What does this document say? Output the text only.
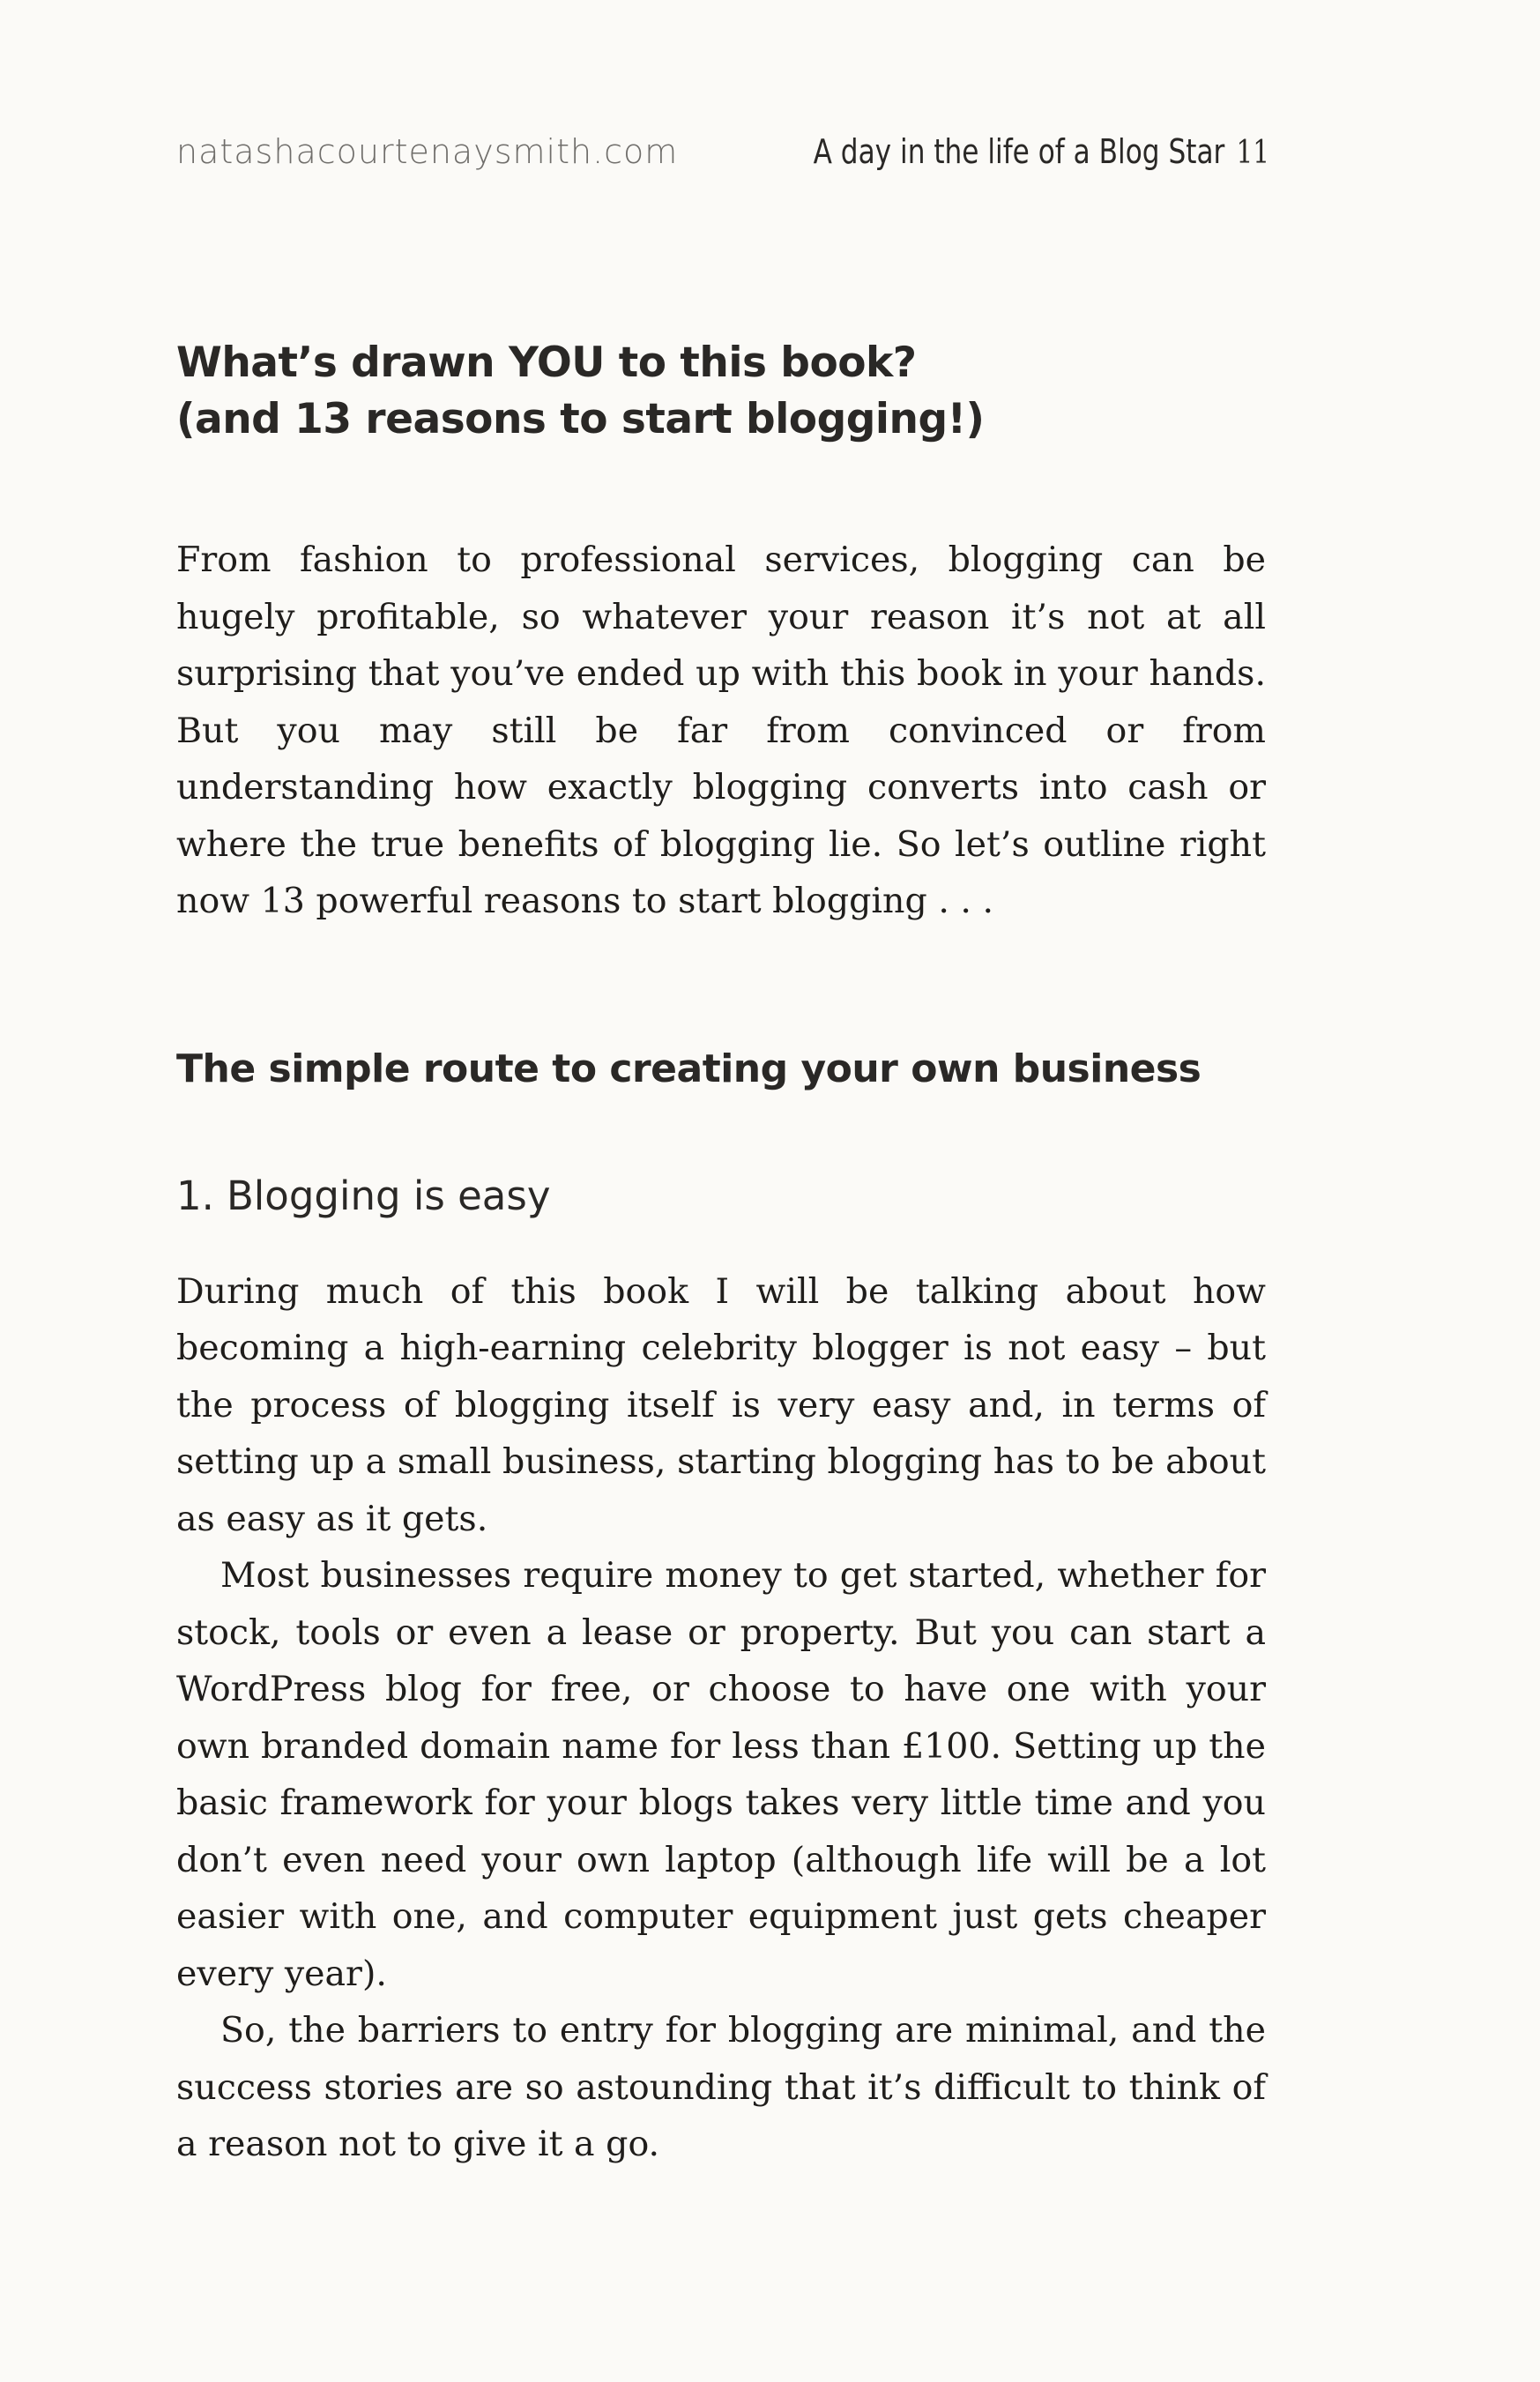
natashacourtenaysmith.com	A day in the life of a Blog Star 11
What’s drawn YOU to this book?
(and 13 reasons to start blogging!)

From fashion to professional services, blogging can be hugely profitable, so whatever your reason it’s not at all surprising that you’ve ended up with this book in your hands. But you may still be far from convinced or from understanding how exactly blogging converts into cash or where the true benefits of blogging lie. So let’s outline right now 13 powerful reasons to start blogging . . .

The simple route to creating your own business
1. Blogging is easy

During much of this book I will be talking about how becoming a high-earning celebrity blogger is not easy – but the process of blogging itself is very easy and, in terms of setting up a small business, starting blogging has to be about as easy as it gets.

Most businesses require money to get started, whether for stock, tools or even a lease or property. But you can start a WordPress blog for free, or choose to have one with your own branded domain name for less than £100. Setting up the basic framework for your blogs takes very little time and you don’t even need your own laptop (although life will be a lot easier with one, and computer equipment just gets cheaper every year).

So, the barriers to entry for blogging are minimal, and the success stories are so astounding that it’s difficult to think of a reason not to give it a go.
